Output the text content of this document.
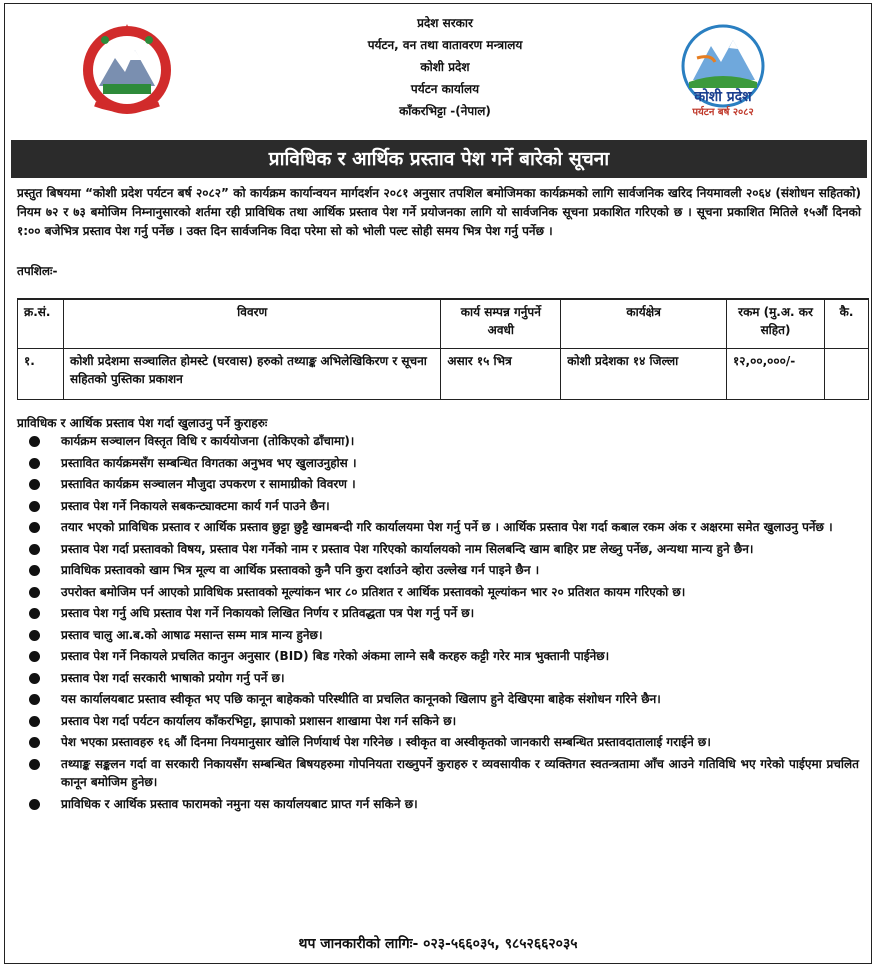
प्रदेश सरकार
पर्यटन, वन तथा वातावरण मन्त्रालय
कोशी प्रदेश
पर्यटन कार्यालय
काँकरभिट्टा -(नेपाल)
कोशी प्रदेश
पर्यटन बर्ष २०८२
प्राविधिक र आर्थिक प्रस्ताव पेश गर्ने बारेको सूचना
प्रस्तुत बिषयमा “कोशी प्रदेश पर्यटन बर्ष २०८२” को कार्यक्रम कार्यान्वयन मार्गदर्शन २०८१ अनुसार तपशिल बमोजिमका कार्यक्रमको लागि सार्वजनिक खरिद नियमावली २०६४ (संशोधन सहितको) नियम ७२ र ७३ बमोजिम निम्नानुसारको शर्तमा रही प्राविधिक तथा आर्थिक प्रस्ताव पेश गर्ने प्रयोजनका लागि यो सार्वजनिक सूचना प्रकाशित गरिएको छ । सूचना प्रकाशित मितिले १५औं दिनको १:०० बजेभित्र प्रस्ताव पेश गर्नु पर्नेछ । उक्त दिन सार्वजनिक विदा परेमा सो को भोली पल्ट सोही समय भित्र पेश गर्नु पर्नेछ ।
तपशिलः-
क्र.सं.	विवरण	कार्य सम्पन्न गर्नुपर्ने अवधी	कार्यक्षेत्र	रकम (मु.अ. कर सहित)	कै.
१.	कोशी प्रदेशमा सञ्चालित होमस्टे (घरवास) हरुको तथ्याङ्क अभिलेखिकिरण र सूचना सहितको पुस्तिका प्रकाशन	असार १५ भित्र	कोशी प्रदेशका १४ जिल्ला	१२,००,०००/-	
प्राविधिक र आर्थिक प्रस्ताव पेश गर्दा खुलाउनु पर्ने कुराहरुः
कार्यक्रम सञ्चालन विस्तृत विधि र कार्ययोजना (तोकिएको ढाँचामा)।
प्रस्तावित कार्यक्रमसँग सम्बन्धित विगतका अनुभव भए खुलाउनुहोस ।
प्रस्तावित कार्यक्रम सञ्चालन मौजुदा उपकरण र सामाग्रीको विवरण ।
प्रस्ताव पेश गर्ने निकायले सबकन्ट्याक्टमा कार्य गर्न पाउने छैन।
तयार भएको प्राविधिक प्रस्ताव र आर्थिक प्रस्ताव छुट्टा छुट्टै खामबन्दी गरि कार्यालयमा पेश गर्नु पर्ने छ । आर्थिक प्रस्ताव पेश गर्दा कबाल रकम अंक र अक्षरमा समेत खुलाउनु पर्नेछ ।
प्रस्ताव पेश गर्दा प्रस्तावको विषय, प्रस्ताव पेश गर्नेको नाम र प्रस्ताव पेश गरिएको कार्यालयको नाम सिलबन्दि खाम बाहिर प्रष्ट लेख्नु पर्नेछ, अन्यथा मान्य हुने छैन।
प्राविधिक प्रस्तावको खाम भित्र मूल्य वा आर्थिक प्रस्तावको कुनै पनि कुरा दर्शाउने व्होरा उल्लेख गर्न पाइने छैन ।
उपरोक्त बमोजिम पर्न आएको प्राविधिक प्रस्तावको मूल्यांकन भार ८० प्रतिशत र आर्थिक प्रस्तावको मूल्यांकन भार २० प्रतिशत कायम गरिएको छ।
प्रस्ताव पेश गर्नु अघि प्रस्ताव पेश गर्ने निकायको लिखित निर्णय र प्रतिवद्धता पत्र पेश गर्नु पर्ने छ।
प्रस्ताव चालु आ.ब.को आषाढ मसान्त सम्म मात्र मान्य हुनेछ।
प्रस्ताव पेश गर्ने निकायले प्रचलित कानुन अनुसार (BID) बिड गरेको अंकमा लाग्ने सबै करहरु कट्टी गरेर मात्र भुक्तानी पाईनेछ।
प्रस्ताव पेश गर्दा सरकारी भाषाको प्रयोग गर्नु पर्ने छ।
यस कार्यालयबाट प्रस्ताव स्वीकृत भए पछि कानून बाहेकको परिस्थीति वा प्रचलित कानूनको खिलाप हुने देखिएमा बाहेक संशोधन गरिने छैन।
प्रस्ताव पेश गर्दा पर्यटन कार्यालय काँकरभिट्टा, झापाको प्रशासन शाखामा पेश गर्न सकिने छ।
पेश भएका प्रस्तावहरु १६ औं दिनमा नियमानुसार खोलि निर्णयार्थ पेश गरिनेछ । स्वीकृत वा अस्वीकृतको जानकारी सम्बन्धित प्रस्तावदातालाई गराईने छ।
तथ्याङ्क सङ्कलन गर्दा वा सरकारी निकायसँग सम्बन्धित बिषयहरुमा गोपनियता राख्नुपर्ने कुराहरु र व्यवसायीक र व्यक्तिगत स्वतन्त्रतामा आँच आउने गतिविधि भए गरेको पाईएमा प्रचलित कानून बमोजिम हुनेछ।
प्राविधिक र आर्थिक प्रस्ताव फारामको नमुना यस कार्यालयबाट प्राप्त गर्न सकिने छ।
थप जानकारीको लागिः- ०२३-५६६०३५, ९८५२६६२०३५
